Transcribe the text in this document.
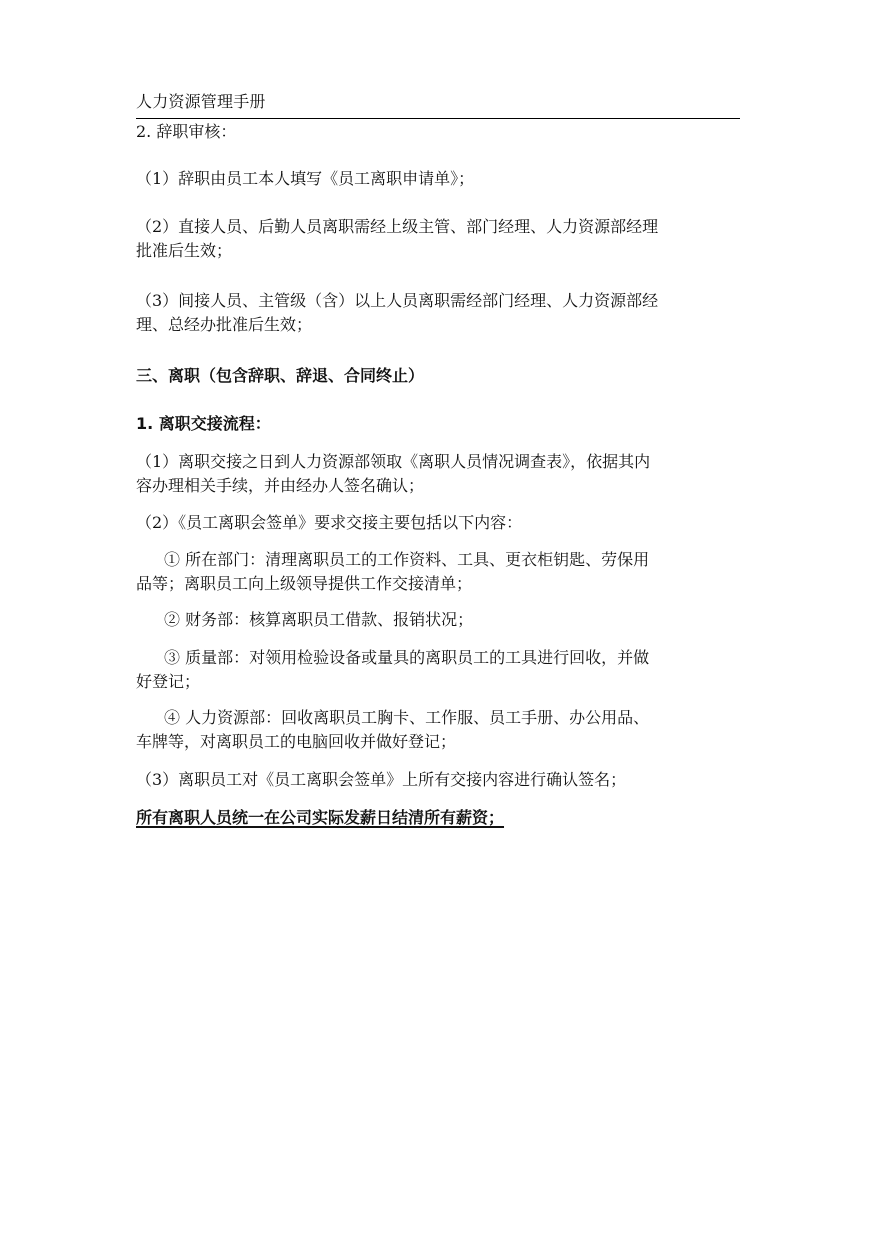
人力资源管理手册
2. 辞职审核：
（1）辞职由员工本人填写《员工离职申请单》；
（2）直接人员、后勤人员离职需经上级主管、部门经理、人力资源部经理
批准后生效；
（3）间接人员、主管级（含）以上人员离职需经部门经理、人力资源部经
理、总经办批准后生效；
三、离职（包含辞职、辞退、合同终止）
1. 离职交接流程：
（1）离职交接之日到人力资源部领取《离职人员情况调查表》，依据其内
容办理相关手续，并由经办人签名确认；
（2）《员工离职会签单》要求交接主要包括以下内容：
① 所在部门：清理离职员工的工作资料、工具、更衣柜钥匙、劳保用
品等；离职员工向上级领导提供工作交接清单；
② 财务部：核算离职员工借款、报销状况；
③ 质量部：对领用检验设备或量具的离职员工的工具进行回收，并做
好登记；
④ 人力资源部：回收离职员工胸卡、工作服、员工手册、办公用品、
车牌等，对离职员工的电脑回收并做好登记；
（3）离职员工对《员工离职会签单》上所有交接内容进行确认签名；
所有离职人员统一在公司实际发薪日结清所有薪资；
